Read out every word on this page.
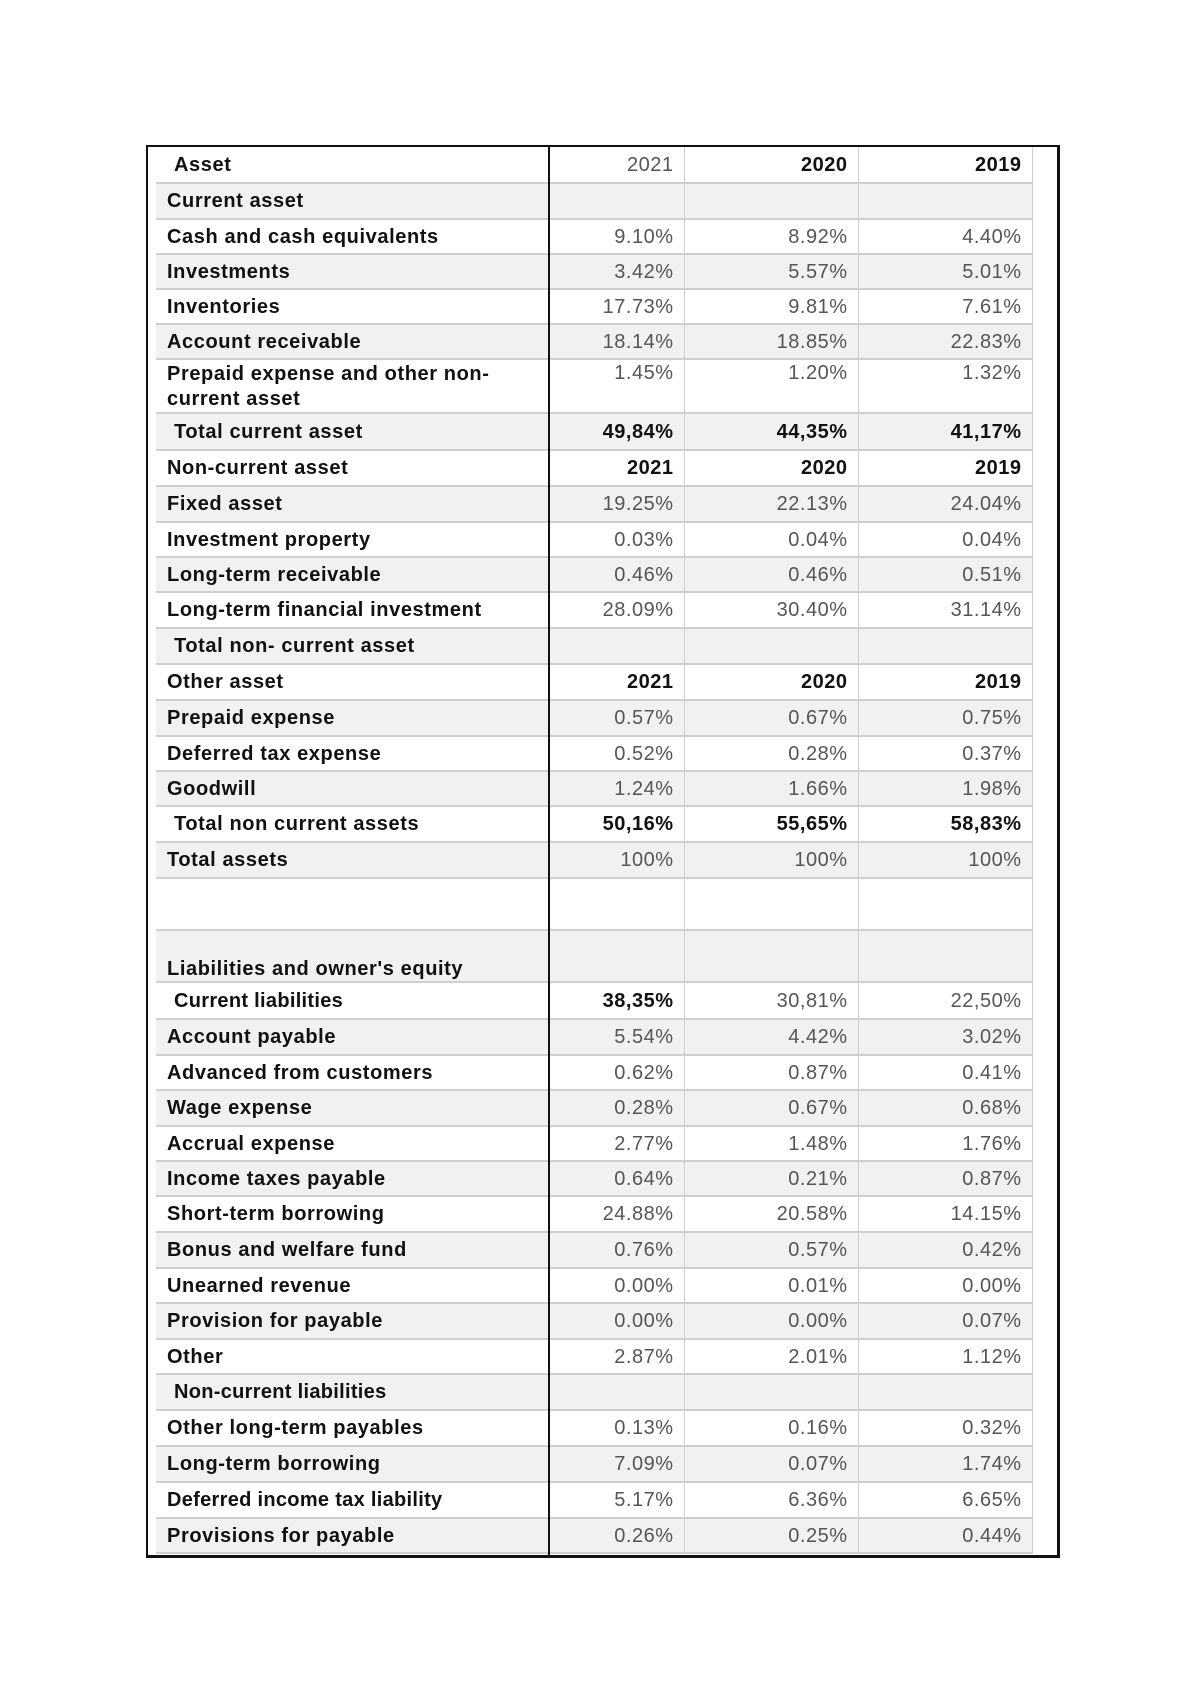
Asset	2021	2020	2019
Current asset			
Cash and cash equivalents	9.10%	8.92%	4.40%
Investments	3.42%	5.57%	5.01%
Inventories	17.73%	9.81%	7.61%
Account receivable	18.14%	18.85%	22.83%
Prepaid expense and other non-current asset	1.45%	1.20%	1.32%
Total current asset	49,84%	44,35%	41,17%
Non-current asset	2021	2020	2019
Fixed asset	19.25%	22.13%	24.04%
Investment property	0.03%	0.04%	0.04%
Long-term receivable	0.46%	0.46%	0.51%
Long-term financial investment	28.09%	30.40%	31.14%
Total non- current asset			
Other asset	2021	2020	2019
Prepaid expense	0.57%	0.67%	0.75%
Deferred tax expense	0.52%	0.28%	0.37%
Goodwill	1.24%	1.66%	1.98%
Total non current assets	50,16%	55,65%	58,83%
Total assets	100%	100%	100%

Liabilities and owner's equity			
Current liabilities	38,35%	30,81%	22,50%
Account payable	5.54%	4.42%	3.02%
Advanced from customers	0.62%	0.87%	0.41%
Wage expense	0.28%	0.67%	0.68%
Accrual expense	2.77%	1.48%	1.76%
Income taxes payable	0.64%	0.21%	0.87%
Short-term borrowing	24.88%	20.58%	14.15%
Bonus and welfare fund	0.76%	0.57%	0.42%
Unearned revenue	0.00%	0.01%	0.00%
Provision for payable	0.00%	0.00%	0.07%
Other	2.87%	2.01%	1.12%
Non-current liabilities			
Other long-term payables	0.13%	0.16%	0.32%
Long-term borrowing	7.09%	0.07%	1.74%
Deferred income tax liability	5.17%	6.36%	6.65%
Provisions for payable	0.26%	0.25%	0.44%
